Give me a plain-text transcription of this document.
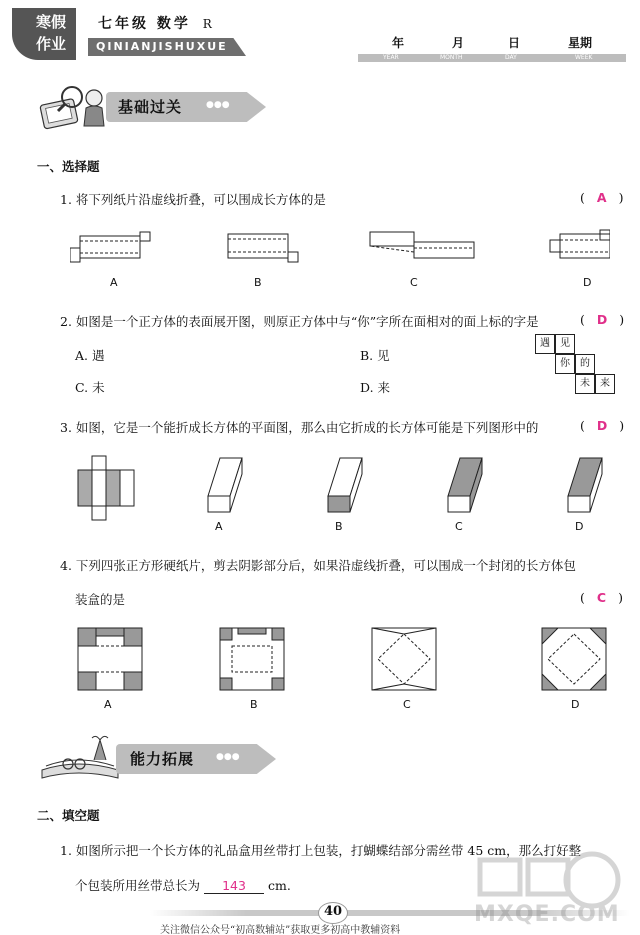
寒假
作业
七年级 数学 R
QINIANJISHUXUE	年	月	日	星期
YEAR	MONTH	DAY	WEEK
基础过关	●●●
一、选择题
1. 将下列纸片沿虚线折叠，可以围成长方体的是	( A )
A	B	C	D
2. 如图是一个正方体的表面展开图，则原正方体中与“你”字所在面相对的面上标的字是	( D )
A. 遇	B. 见
C. 未	D. 来
遇	见
你	的
未	来
3. 如图，它是一个能折成长方体的平面图，那么由它折成的长方体可能是下列图形中的	( D )
A	B	C	D
4. 下列四张正方形硬纸片，剪去阴影部分后，如果沿虚线折叠，可以围成一个封闭的长方体包
装盒的是	( C )
A	B	C	D
能力拓展 ●●●
二、填空题
1. 如图所示把一个长方体的礼品盒用丝带打上包装，打蝴蝶结部分需丝带 45 cm，那么打好整
个包装所用丝带总长为 143 cm.
40
关注微信公众号“初高数辅站”获取更多初高中教辅资料
MXQE.COM
